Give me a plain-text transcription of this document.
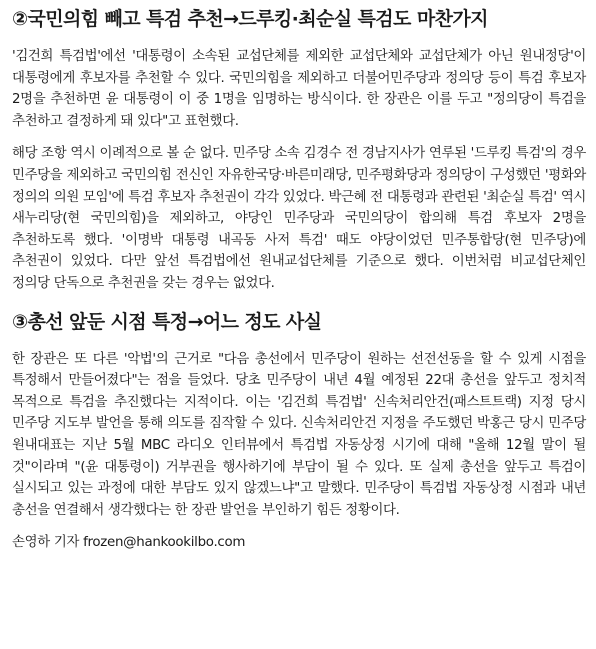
②국민의힘 빼고 특검 추천→드루킹·최순실 특검도 마찬가지

'김건희 특검법'에선 '대통령이 소속된 교섭단체를 제외한 교섭단체와 교섭단체가 아닌 원내정당'이 대통령에게 후보자를 추천할 수 있다. 국민의힘을 제외하고 더불어민주당과 정의당 등이 특검 후보자 2명을 추천하면 윤 대통령이 이 중 1명을 임명하는 방식이다. 한 장관은 이를 두고 "정의당이 특검을 추천하고 결정하게 돼 있다"고 표현했다.

해당 조항 역시 이례적으로 볼 순 없다. 민주당 소속 김경수 전 경남지사가 연루된 '드루킹 특검'의 경우 민주당을 제외하고 국민의힘 전신인 자유한국당·바른미래당, 민주평화당과 정의당이 구성했던 '평화와 정의의 의원 모임'에 특검 후보자 추천권이 각각 있었다. 박근혜 전 대통령과 관련된 '최순실 특검' 역시 새누리당(현 국민의힘)을 제외하고, 야당인 민주당과 국민의당이 합의해 특검 후보자 2명을 추천하도록 했다. '이명박 대통령 내곡동 사저 특검' 때도 야당이었던 민주통합당(현 민주당)에 추천권이 있었다. 다만 앞선 특검법에선 원내교섭단체를 기준으로 했다. 이번처럼 비교섭단체인 정의당 단독으로 추천권을 갖는 경우는 없었다.

③총선 앞둔 시점 특정→어느 정도 사실

한 장관은 또 다른 '악법'의 근거로 "다음 총선에서 민주당이 원하는 선전선동을 할 수 있게 시점을 특정해서 만들어졌다"는 점을 들었다. 당초 민주당이 내년 4월 예정된 22대 총선을 앞두고 정치적 목적으로 특검을 추진했다는 지적이다. 이는 '김건희 특검법' 신속처리안건(패스트트랙) 지정 당시 민주당 지도부 발언을 통해 의도를 짐작할 수 있다. 신속처리안건 지정을 주도했던 박홍근 당시 민주당 원내대표는 지난 5월 MBC 라디오 인터뷰에서 특검법 자동상정 시기에 대해 "올해 12월 말이 될 것"이라며 "(윤 대통령이) 거부권을 행사하기에 부담이 될 수 있다. 또 실제 총선을 앞두고 특검이 실시되고 있는 과정에 대한 부담도 있지 않겠느냐"고 말했다. 민주당이 특검법 자동상정 시점과 내년 총선을 연결해서 생각했다는 한 장관 발언을 부인하기 힘든 정황이다.

손영하 기자 frozen@hankookilbo.com
